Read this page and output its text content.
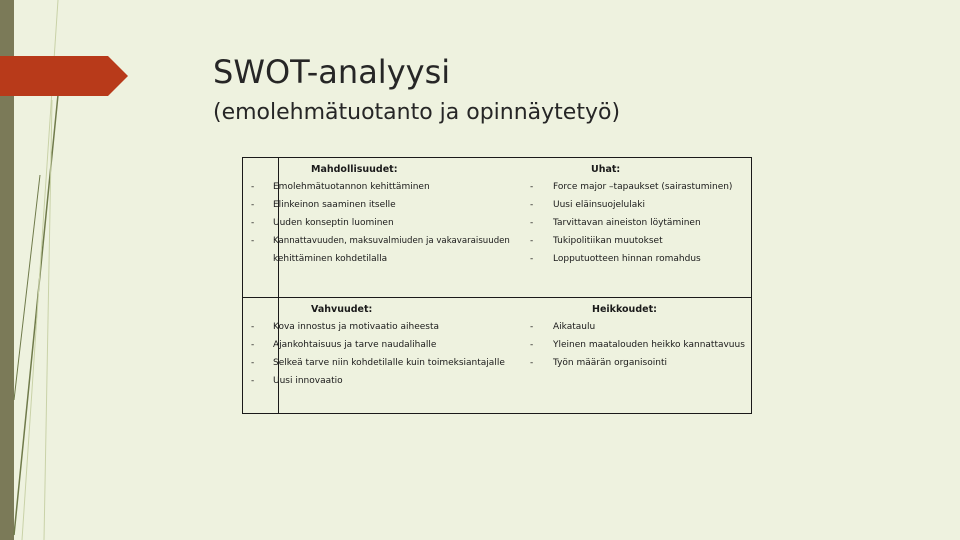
SWOT-analyysi
(emolehmätuotanto ja opinnäytetyö)
Mahdollisuudet:
- Emolehmätuotannon kehittäminen
- Elinkeinon saaminen itselle
- Uuden konseptin luominen
- Kannattavuuden, maksuvalmiuden ja vakavaraisuuden
kehittäminen kohdetilalla
Uhat:
- Force major –tapaukset (sairastuminen)
- Uusi eläinsuojelulaki
- Tarvittavan aineiston löytäminen
- Tukipolitiikan muutokset
- Lopputuotteen hinnan romahdus
Vahvuudet:
- Kova innostus ja motivaatio aiheesta
- Ajankohtaisuus ja tarve naudalihalle
- Selkeä tarve niin kohdetilalle kuin toimeksiantajalle
- Uusi innovaatio
Heikkoudet:
- Aikataulu
- Yleinen maatalouden heikko kannattavuus
- Työn määrän organisointi
